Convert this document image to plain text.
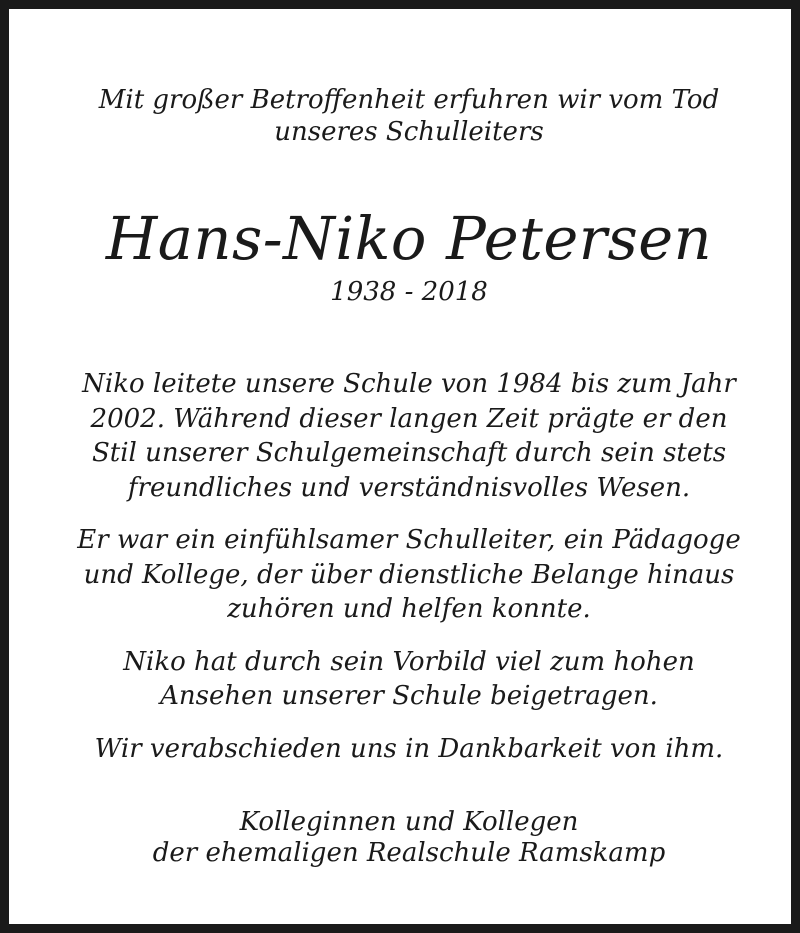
Mit großer Betroffenheit erfuhren wir vom Tod
unseres Schulleiters
Hans-Niko Petersen
1938 - 2018

Niko leitete unsere Schule von 1984 bis zum Jahr
2002. Während dieser langen Zeit prägte er den
Stil unserer Schulgemeinschaft durch sein stets
freundliches und verständnisvolles Wesen.

Er war ein einfühlsamer Schulleiter, ein Pädagoge
und Kollege, der über dienstliche Belange hinaus
zuhören und helfen konnte.

Niko hat durch sein Vorbild viel zum hohen
Ansehen unserer Schule beigetragen.

Wir verabschieden uns in Dankbarkeit von ihm.

Kolleginnen und Kollegen
der ehemaligen Realschule Ramskamp
